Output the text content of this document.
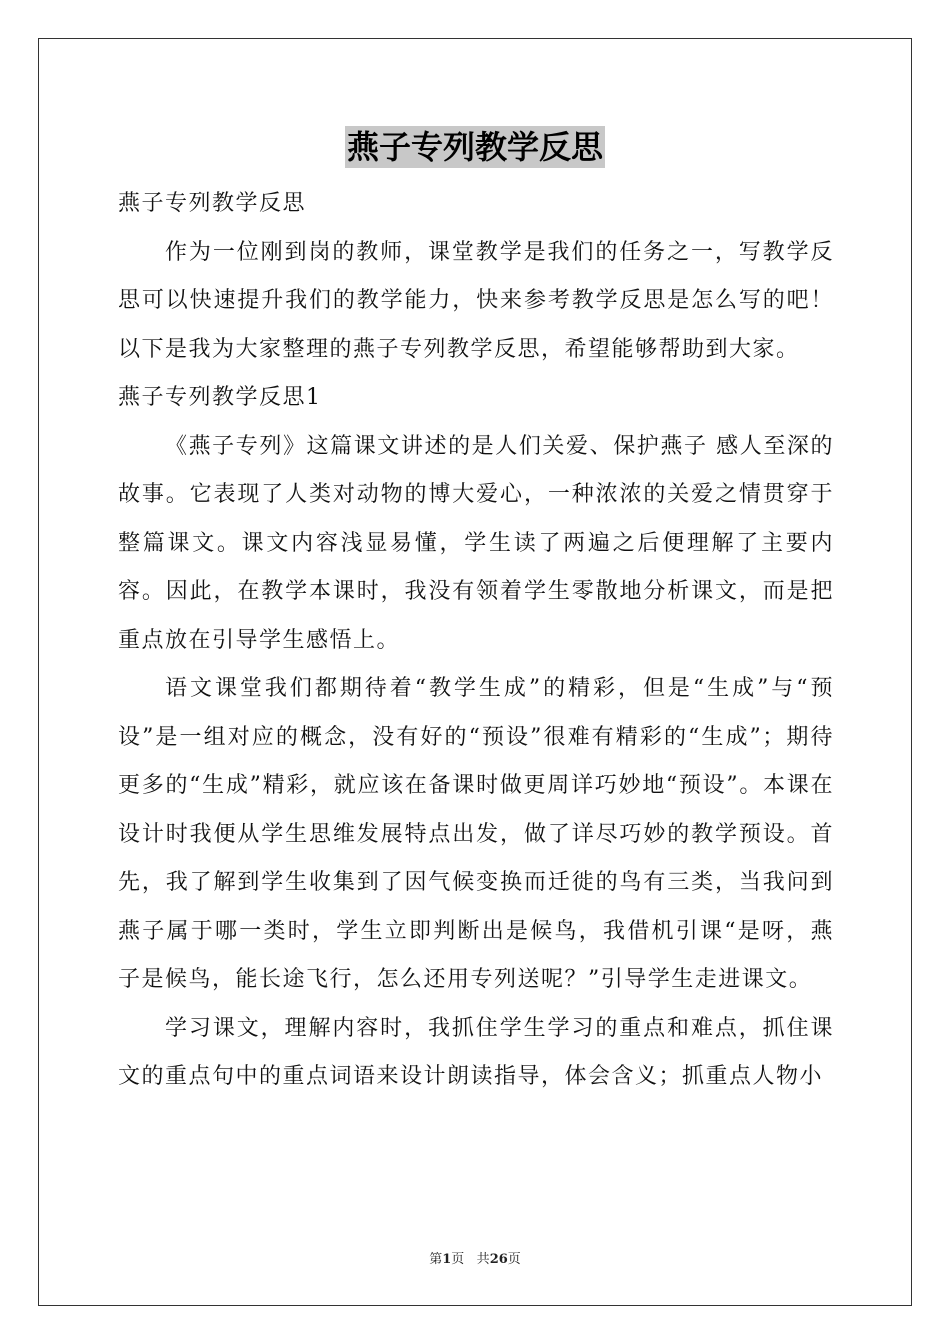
燕子专列教学反思

燕子专列教学反思

作为一位刚到岗的教师，课堂教学是我们的任务之一，写教学反思可以快速提升我们的教学能力，快来参考教学反思是怎么写的吧！以下是我为大家整理的燕子专列教学反思，希望能够帮助到大家。

燕子专列教学反思1

《燕子专列》这篇课文讲述的是人们关爱、保护燕子 感人至深的故事。它表现了人类对动物的博大爱心，一种浓浓的关爱之情贯穿于整篇课文。课文内容浅显易懂，学生读了两遍之后便理解了主要内容。因此，在教学本课时，我没有领着学生零散地分析课文，而是把重点放在引导学生感悟上。

语文课堂我们都期待着“教学生成”的精彩，但是“生成”与“预设”是一组对应的概念，没有好的“预设”很难有精彩的“生成”；期待更多的“生成”精彩，就应该在备课时做更周详巧妙地“预设”。本课在设计时我便从学生思维发展特点出发，做了详尽巧妙的教学预设。首先，我了解到学生收集到了因气候变换而迁徙的鸟有三类，当我问到燕子属于哪一类时，学生立即判断出是候鸟，我借机引课“是呀，燕子是候鸟，能长途飞行，怎么还用专列送呢？”引导学生走进课文。

学习课文，理解内容时，我抓住学生学习的重点和难点，抓住课文的重点句中的重点词语来设计朗读指导，体会含义；抓重点人物小

第1页 共26页
